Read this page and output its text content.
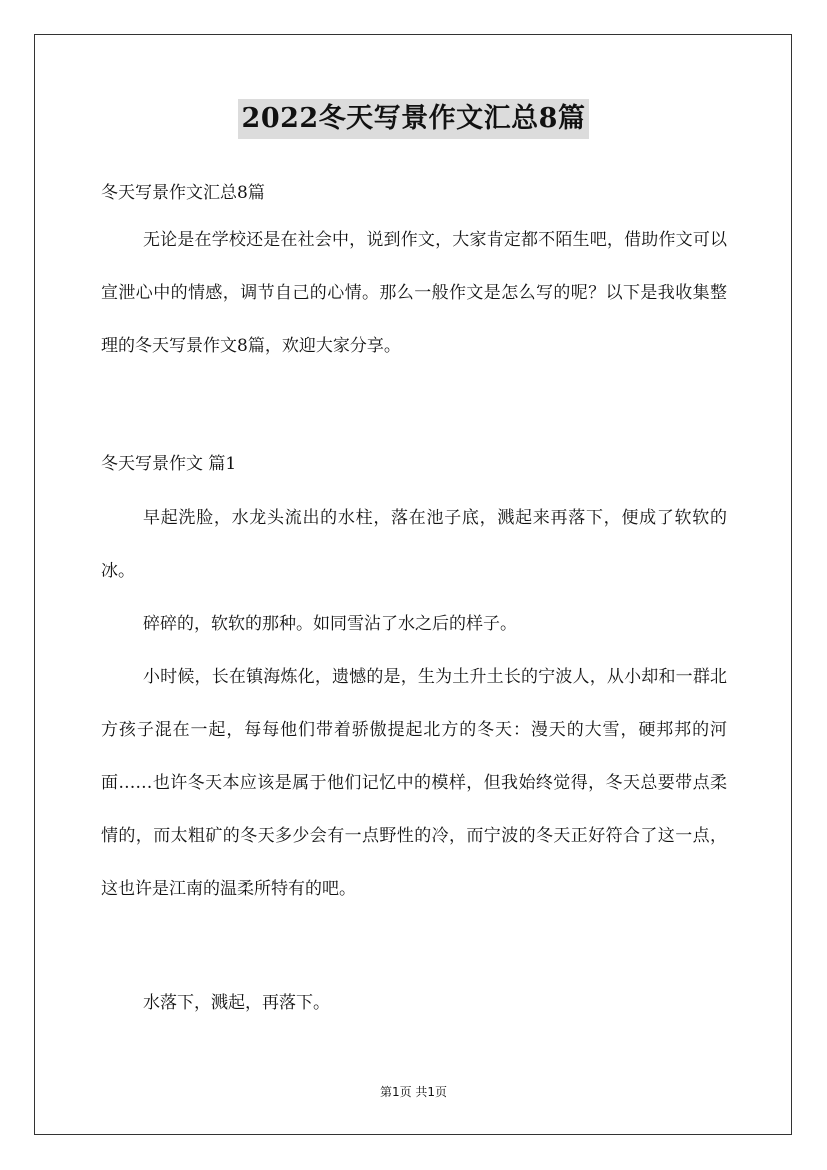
2022冬天写景作文汇总8篇
冬天写景作文汇总8篇

无论是在学校还是在社会中，说到作文，大家肯定都不陌生吧，借助作文可以宣泄心中的情感，调节自己的心情。那么一般作文是怎么写的呢？以下是我收集整理的冬天写景作文8篇，欢迎大家分享。

冬天写景作文 篇1

早起洗脸，水龙头流出的水柱，落在池子底，溅起来再落下，便成了软软的冰。

碎碎的，软软的那种。如同雪沾了水之后的样子。

小时候，长在镇海炼化，遗憾的是，生为土升土长的宁波人，从小却和一群北方孩子混在一起，每每他们带着骄傲提起北方的冬天：漫天的大雪，硬邦邦的河面……也许冬天本应该是属于他们记忆中的模样，但我始终觉得，冬天总要带点柔情的，而太粗矿的冬天多少会有一点野性的冷，而宁波的冬天正好符合了这一点，这也许是江南的温柔所特有的吧。

水落下，溅起，再落下。

第1页 共1页
